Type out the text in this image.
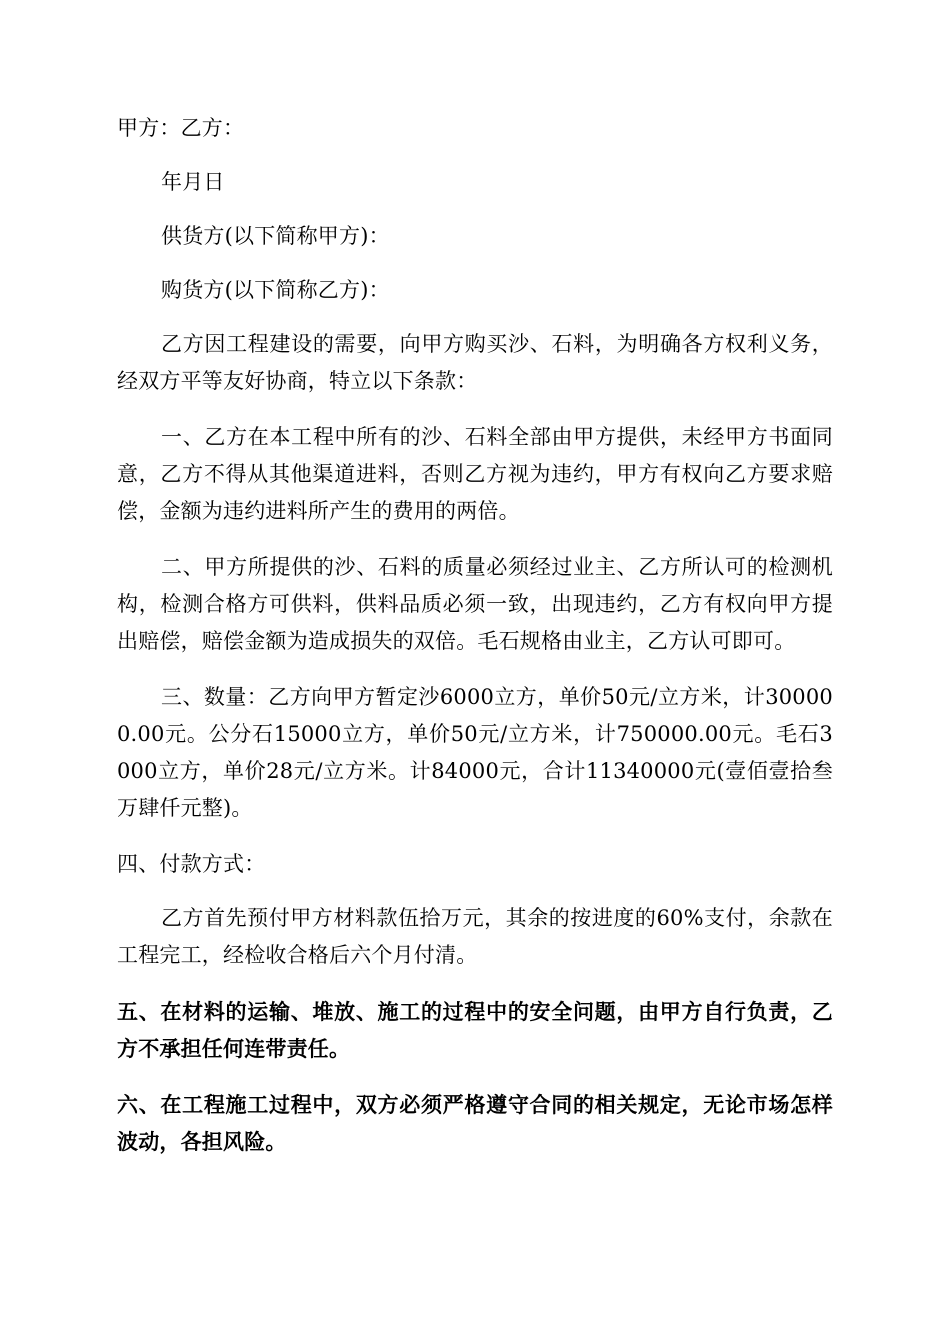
甲方：乙方：

年月日

供货方(以下简称甲方)：

购货方(以下简称乙方)：

乙方因工程建设的需要，向甲方购买沙、石料，为明确各方权利义务，经双方平等友好协商，特立以下条款：

一、乙方在本工程中所有的沙、石料全部由甲方提供，未经甲方书面同意，乙方不得从其他渠道进料，否则乙方视为违约，甲方有权向乙方要求赔偿，金额为违约进料所产生的费用的两倍。

二、甲方所提供的沙、石料的质量必须经过业主、乙方所认可的检测机构，检测合格方可供料，供料品质必须一致，出现违约，乙方有权向甲方提出赔偿，赔偿金额为造成损失的双倍。毛石规格由业主，乙方认可即可。

三、数量：乙方向甲方暂定沙6000立方，单价50元/立方米，计300000.00元。公分石15000立方，单价50元/立方米，计750000.00元。毛石3000立方，单价28元/立方米。计84000元，合计11340000元(壹佰壹拾叁万肆仟元整)。

四、付款方式：

乙方首先预付甲方材料款伍拾万元，其余的按进度的60%支付，余款在工程完工，经检收合格后六个月付清。

五、在材料的运输、堆放、施工的过程中的安全问题，由甲方自行负责，乙方不承担任何连带责任。

六、在工程施工过程中，双方必须严格遵守合同的相关规定，无论市场怎样波动，各担风险。
